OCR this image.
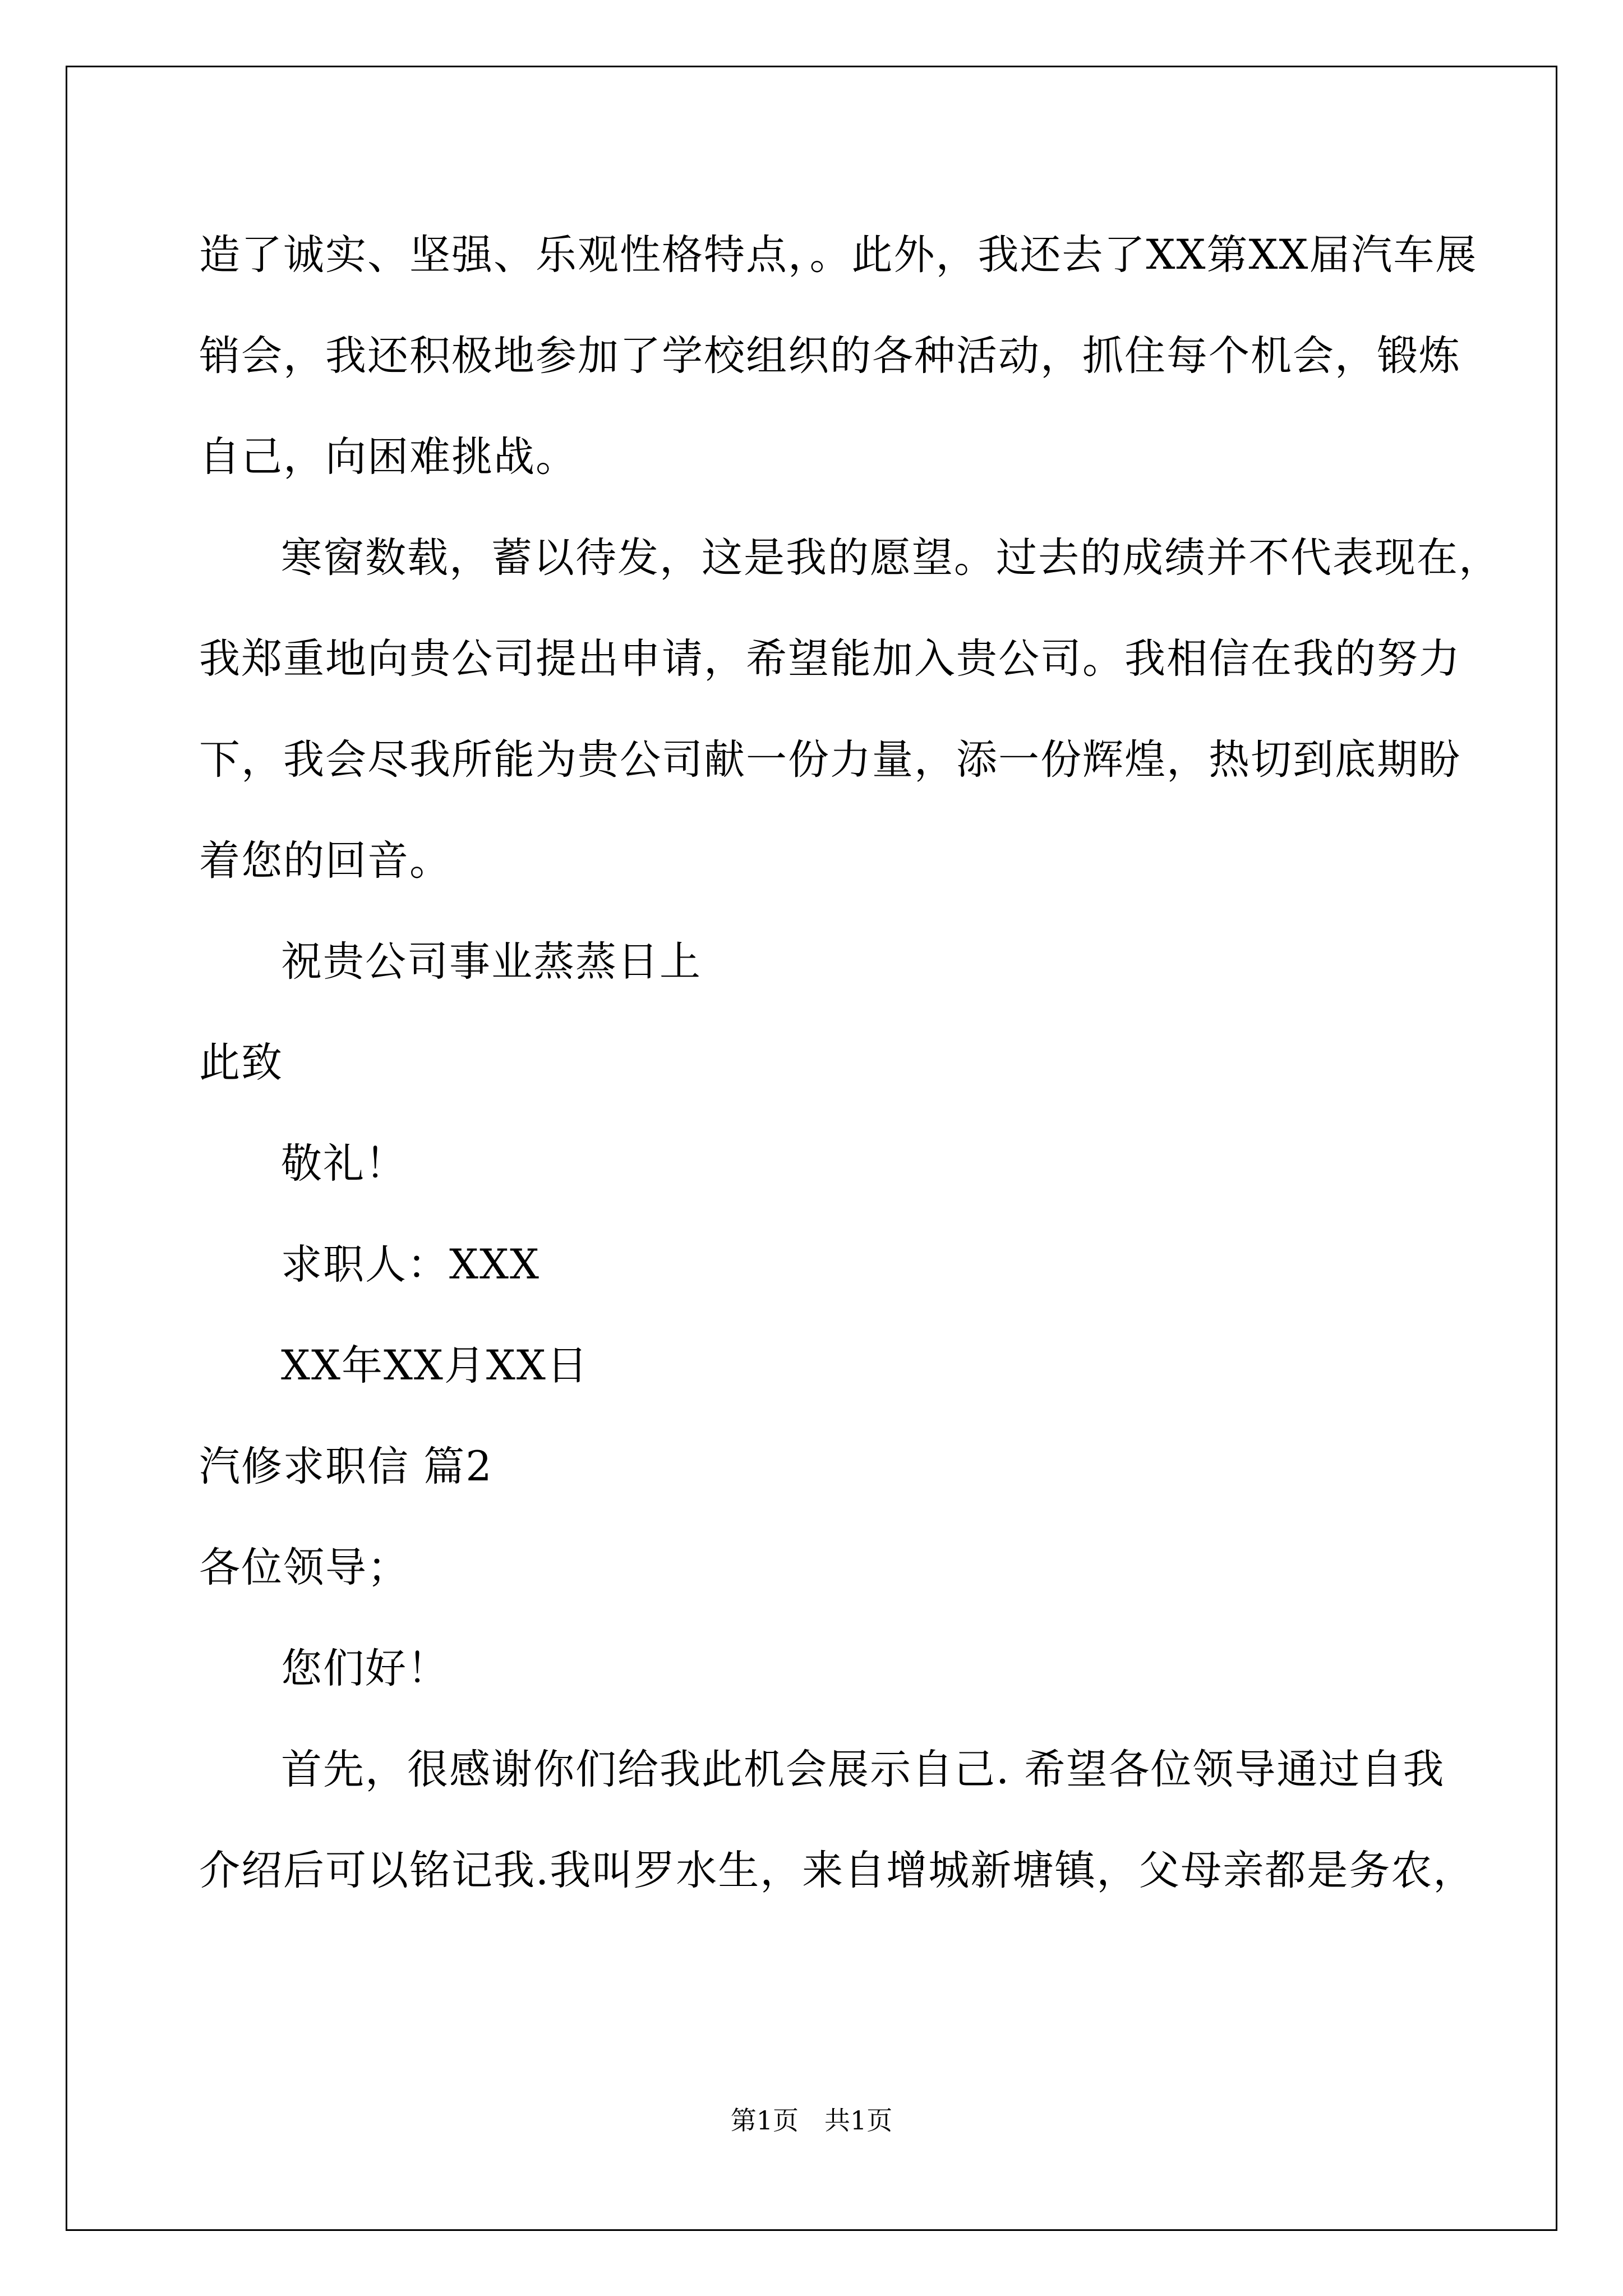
造了诚实、坚强、乐观性格特点，。此外，我还去了XX第XX届汽车展
销会，我还积极地参加了学校组织的各种活动，抓住每个机会，锻炼
自己，向困难挑战。
寒窗数载，蓄以待发，这是我的愿望。过去的成绩并不代表现在，
我郑重地向贵公司提出申请，希望能加入贵公司。我相信在我的努力
下，我会尽我所能为贵公司献一份力量，添一份辉煌，热切到底期盼
着您的回音。
祝贵公司事业蒸蒸日上
此致
敬礼！
求职人：XXX
XX年XX月XX日
汽修求职信 篇2
各位领导；
您们好！
首先，很感谢你们给我此机会展示自己. 希望各位领导通过自我
介绍后可以铭记我.我叫罗水生，来自增城新塘镇，父母亲都是务农，
第1页　共1页
